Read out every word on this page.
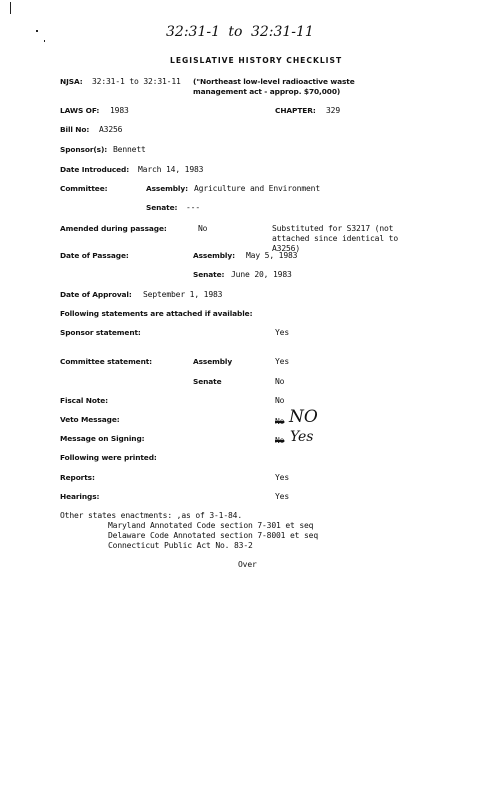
32:31-1 to 32:31-11
LEGISLATIVE HISTORY CHECKLIST
NJSA: 32:31-1 to 32:31-11 ("Northeast low-level radioactive waste management act - approp. $70,000)
LAWS OF: 1983	CHAPTER: 329
Bill No: A3256
Sponsor(s): Bennett
Date Introduced: March 14, 1983
Committee:	Assembly: Agriculture and Environment
Senate: ---
Amended during passage:	No	Substituted for S3217 (not attached since identical to A3256)
Date of Passage:	Assembly: May 5, 1983
Senate: June 20, 1983
Date of Approval: September 1, 1983
Following statements are attached if available:
Sponsor statement:	Yes
Committee statement:	Assembly	Yes
Senate	No
Fiscal Note:	No
Veto Message:	No NO
Message on Signing:	No Yes
Following were printed:
Reports:	Yes
Hearings:	Yes
Other states enactments: ,as of 3-1-84.
Maryland Annotated Code section 7-301 et seq
Delaware Code Annotated section 7-8001 et seq
Connecticut Public Act No. 83-2
Over
